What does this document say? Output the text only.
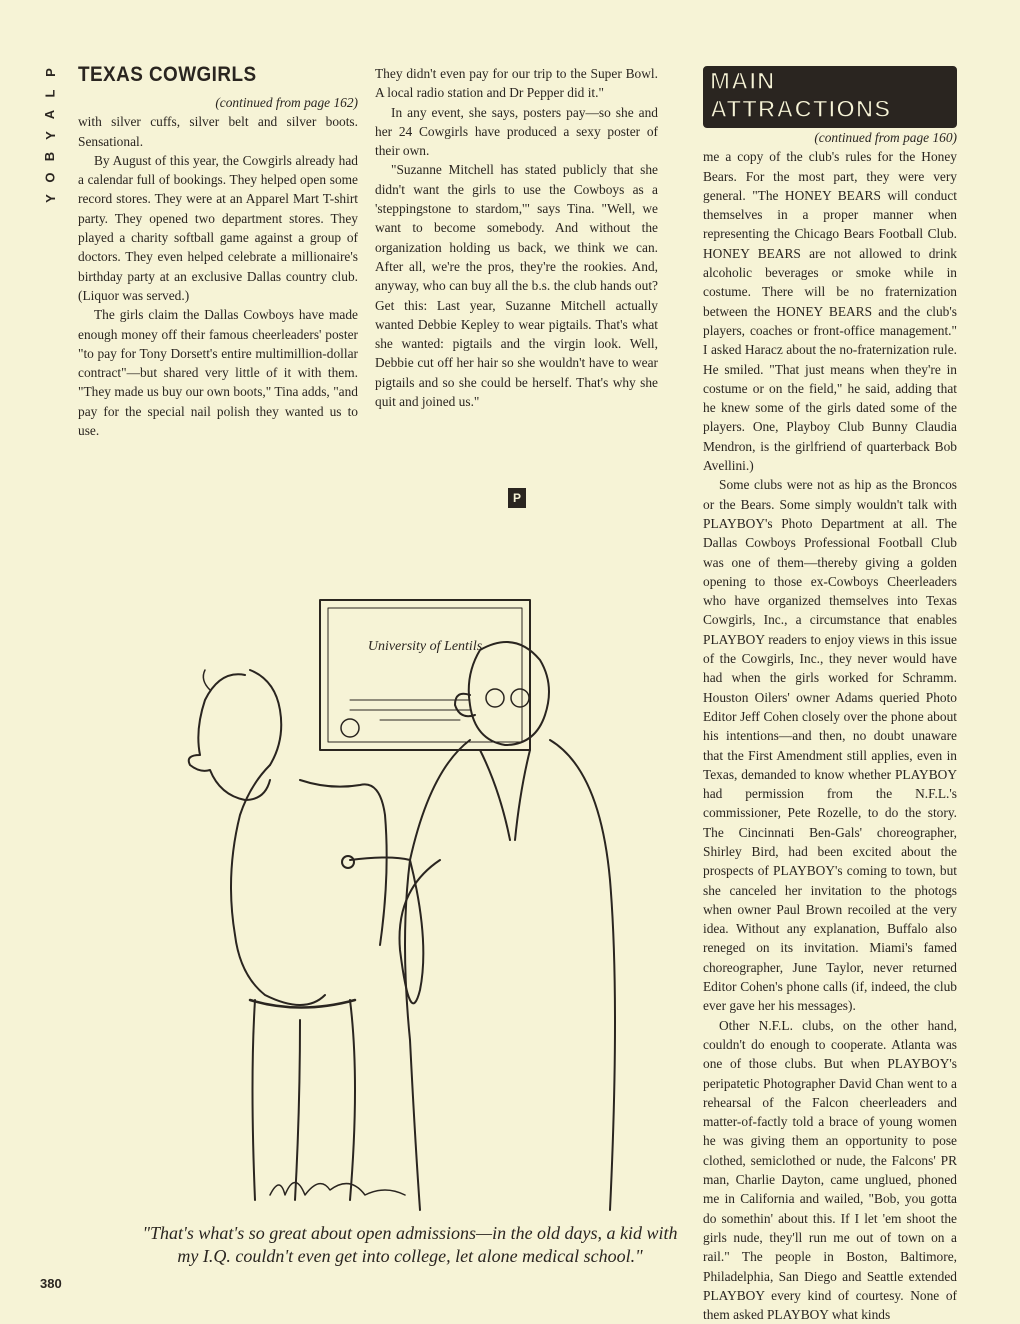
P
L
A
Y
B
O
Y
TEXAS COWGIRLS

(continued from page 162)

with silver cuffs, silver belt and silver boots. Sensational.

By August of this year, the Cowgirls already had a calendar full of bookings. They helped open some record stores. They were at an Apparel Mart T-shirt party. They opened two department stores. They played a charity softball game against a group of doctors. They even helped celebrate a millionaire's birthday party at an exclusive Dallas country club. (Liquor was served.)

The girls claim the Dallas Cowboys have made enough money off their famous cheerleaders' poster "to pay for Tony Dorsett's entire multimillion-dollar contract"—but shared very little of it with them. "They made us buy our own boots," Tina adds, "and pay for the special nail polish they wanted us to use.

They didn't even pay for our trip to the Super Bowl. A local radio station and Dr Pepper did it."

In any event, she says, posters pay—so she and her 24 Cowgirls have produced a sexy poster of their own.

"Suzanne Mitchell has stated publicly that she didn't want the girls to use the Cowboys as a 'steppingstone to stardom,'" says Tina. "Well, we want to become somebody. And without the organization holding us back, we think we can. After all, we're the pros, they're the rookies. And, anyway, who can buy all the b.s. the club hands out? Get this: Last year, Suzanne Mitchell actually wanted Debbie Kepley to wear pigtails. That's what she wanted: pigtails and the virgin look. Well, Debbie cut off her hair so she wouldn't have to wear pigtails and so she could be herself. That's why she quit and joined us."

P
MAIN ATTRACTIONS

(continued from page 160)

me a copy of the club's rules for the Honey Bears. For the most part, they were very general. "The HONEY BEARS will conduct themselves in a proper manner when representing the Chicago Bears Football Club. HONEY BEARS are not allowed to drink alcoholic beverages or smoke while in costume. There will be no fraternization between the HONEY BEARS and the club's players, coaches or front-office management." I asked Haracz about the no-fraternization rule. He smiled. "That just means when they're in costume or on the field," he said, adding that he knew some of the girls dated some of the players. One, Playboy Club Bunny Claudia Mendron, is the girlfriend of quarterback Bob Avellini.)

Some clubs were not as hip as the Broncos or the Bears. Some simply wouldn't talk with PLAYBOY's Photo Department at all. The Dallas Cowboys Professional Football Club was one of them—thereby giving a golden opening to those ex-Cowboys Cheerleaders who have organized themselves into Texas Cowgirls, Inc., a circumstance that enables PLAYBOY readers to enjoy views in this issue of the Cowgirls, Inc., they never would have had when the girls worked for Schramm. Houston Oilers' owner Adams queried Photo Editor Jeff Cohen closely over the phone about his intentions—and then, no doubt unaware that the First Amendment still applies, even in Texas, demanded to know whether PLAYBOY had permission from the N.F.L.'s commissioner, Pete Rozelle, to do the story. The Cincinnati Ben-Gals' choreographer, Shirley Bird, had been excited about the prospects of PLAYBOY's coming to town, but she canceled her invitation to the photogs when owner Paul Brown recoiled at the very idea. Without any explanation, Buffalo also reneged on its invitation. Miami's famed choreographer, June Taylor, never returned Editor Cohen's phone calls (if, indeed, the club ever gave her his messages).

Other N.F.L. clubs, on the other hand, couldn't do enough to cooperate. Atlanta was one of those clubs. But when PLAYBOY's peripatetic Photographer David Chan went to a rehearsal of the Falcon cheerleaders and matter-of-factly told a brace of young women he was giving them an opportunity to pose clothed, semiclothed or nude, the Falcons' PR man, Charlie Dayton, came unglued, phoned me in California and wailed, "Bob, you gotta do somethin' about this. If I let 'em shoot the girls nude, they'll run me out of town on a rail." The people in Boston, Baltimore, Philadelphia, San Diego and Seattle extended PLAYBOY every kind of courtesy. None of them asked PLAYBOY what kinds

University of Lentils
"That's what's so great about open admissions—in the old days, a kid with my I.Q. couldn't even get into college, let alone medical school."
380
